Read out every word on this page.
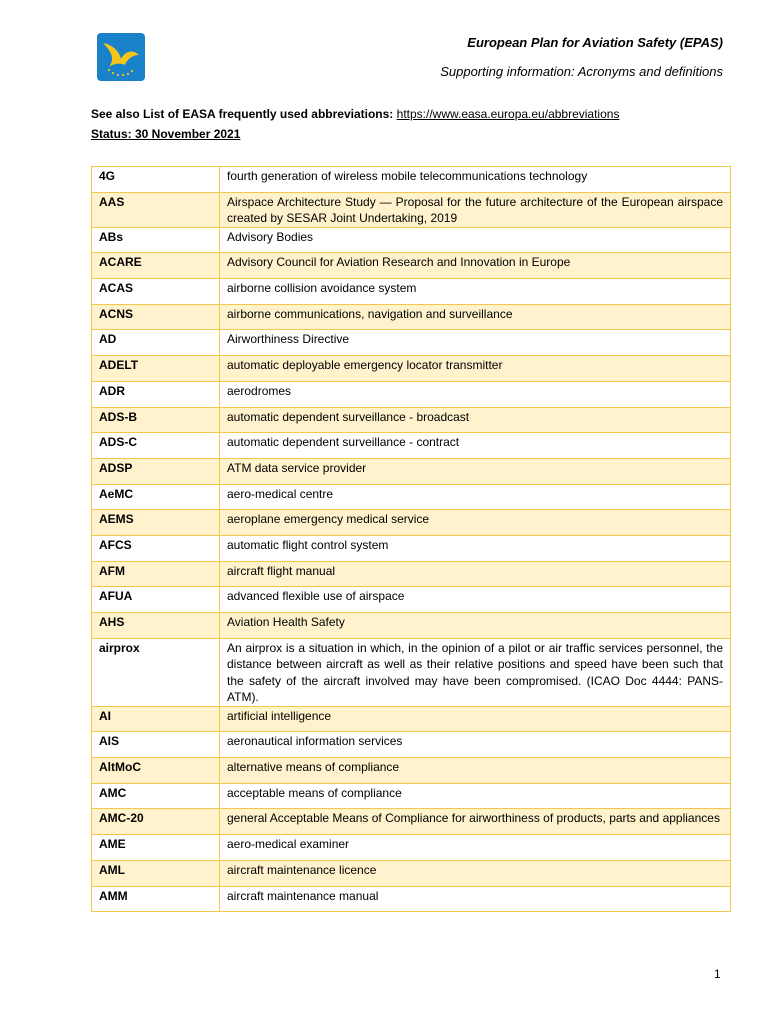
European Plan for Aviation Safety (EPAS)
Supporting information: Acronyms and definitions
See also List of EASA frequently used abbreviations: https://www.easa.europa.eu/abbreviations
Status: 30 November 2021
4G	fourth generation of wireless mobile telecommunications technology
AAS	Airspace Architecture Study — Proposal for the future architecture of the European airspace created by SESAR Joint Undertaking, 2019
ABs	Advisory Bodies
ACARE	Advisory Council for Aviation Research and Innovation in Europe
ACAS	airborne collision avoidance system
ACNS	airborne communications, navigation and surveillance
AD	Airworthiness Directive
ADELT	automatic deployable emergency locator transmitter
ADR	aerodromes
ADS-B	automatic dependent surveillance - broadcast
ADS-C	automatic dependent surveillance - contract
ADSP	ATM data service provider
AeMC	aero-medical centre
AEMS	aeroplane emergency medical service
AFCS	automatic flight control system
AFM	aircraft flight manual
AFUA	advanced flexible use of airspace
AHS	Aviation Health Safety
airprox	An airprox is a situation in which, in the opinion of a pilot or air traffic services personnel, the distance between aircraft as well as their relative positions and speed have been such that the safety of the aircraft involved may have been compromised. (ICAO Doc 4444: PANS-ATM).
AI	artificial intelligence
AIS	aeronautical information services
AltMoC	alternative means of compliance
AMC	acceptable means of compliance
AMC-20	general Acceptable Means of Compliance for airworthiness of products, parts and appliances
AME	aero-medical examiner
AML	aircraft maintenance licence
AMM	aircraft maintenance manual
1
